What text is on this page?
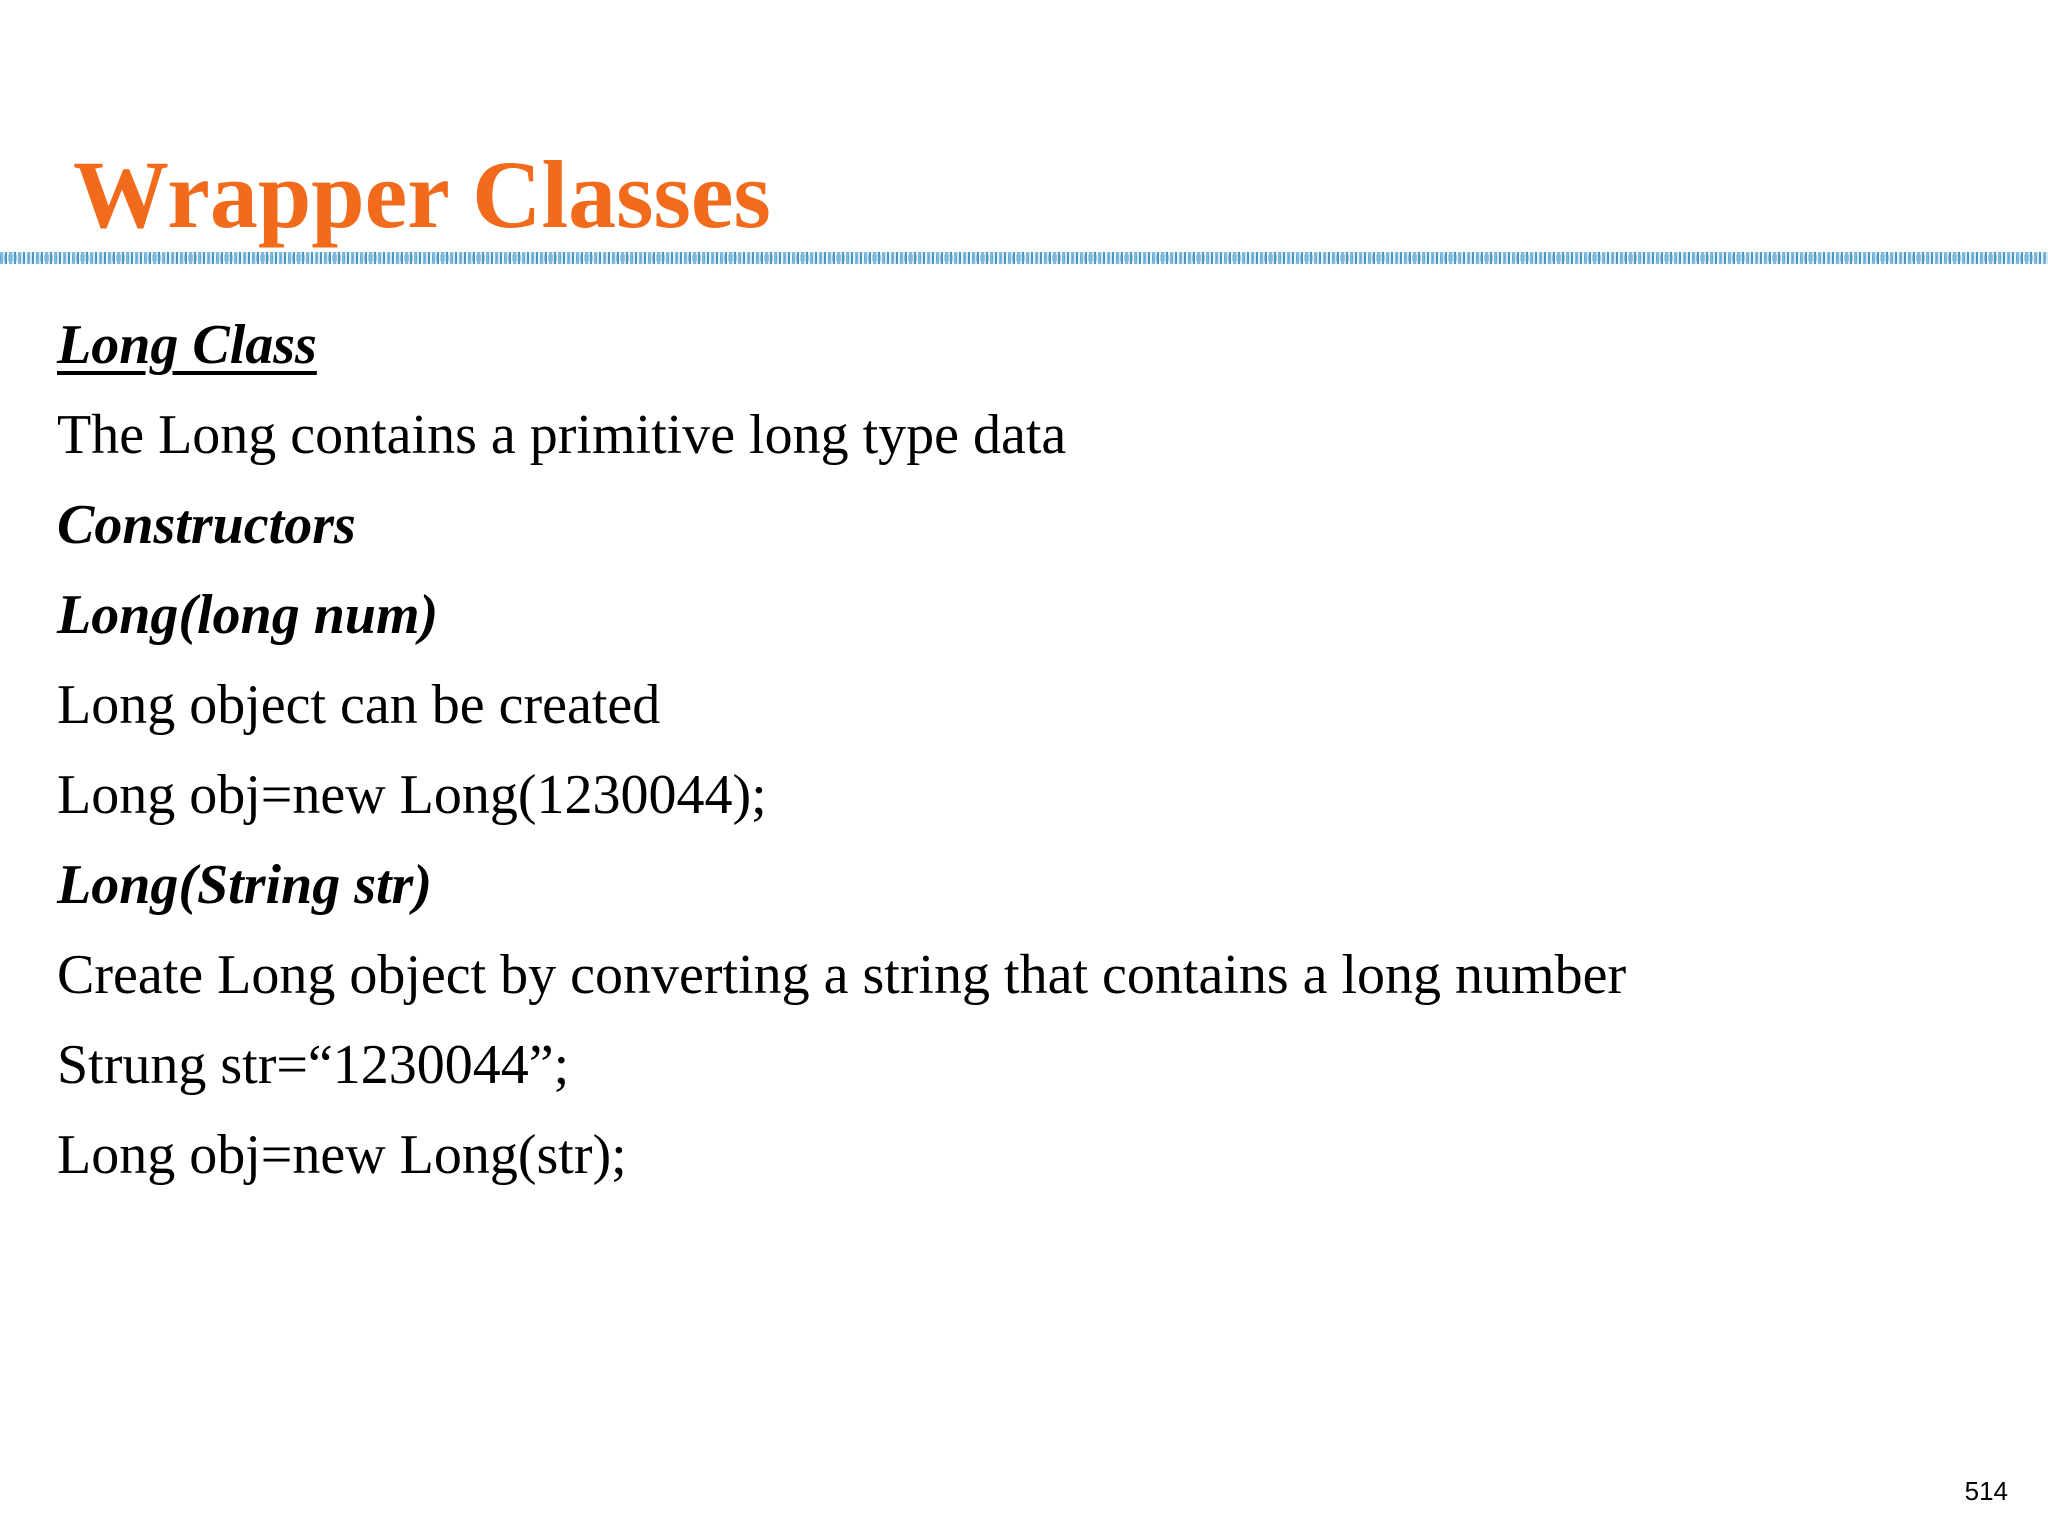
Wrapper Classes
Long Class
The Long contains a primitive long type data
Constructors
Long(long num)
Long object can be created
Long obj=new Long(1230044);
Long(String str)
Create Long object by converting a string that contains a long number
Strung str=“1230044”;
Long obj=new Long(str);
514
